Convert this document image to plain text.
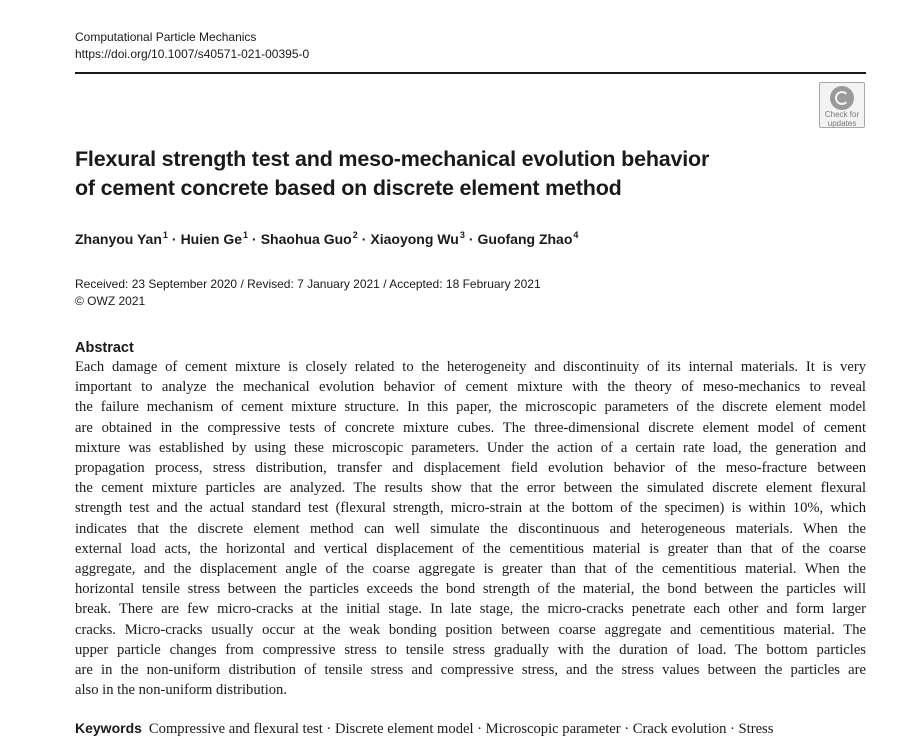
Computational Particle Mechanics
https://doi.org/10.1007/s40571-021-00395-0
Check for
updates
Flexural strength test and meso-mechanical evolution behavior
of cement concrete based on discrete element method
Zhanyou Yan$^1$ · Huien $Ge^1$ · Shaohua Guo$^2$ · Xiaoyong $Wu^3$ · Guofang Zhao$^4$
Received: 23 September 2020 / Revised: 7 January 2021 / Accepted: 18 February 2021
© OWZ 2021
Abstract
Each damage of cement mixture is closely related to the heterogeneity and discontinuity of its internal materials. It is very
important to analyze the mechanical evolution behavior of cement mixture with the theory of meso-mechanics to reveal
the failure mechanism of cement mixture structure. In this paper, the microscopic parameters of the discrete element model
are obtained in the compressive tests of concrete mixture cubes. The three-dimensional discrete element model of cement
mixture was established by using these microscopic parameters. Under the action of a certain rate load, the generation and
propagation process, stress distribution, transfer and displacement field evolution behavior of the meso-fracture between
the cement mixture particles are analyzed. The results show that the error between the simulated discrete element flexural
strength test and the actual standard test (flexural strength, micro-strain at the bottom of the specimen) is within 10%, which
indicates that the discrete element method can well simulate the discontinuous and heterogeneous materials. When the
external load acts, the horizontal and vertical displacement of the cementitious material is greater than that of the coarse
aggregate, and the displacement angle of the coarse aggregate is greater than that of the cementitious material. When the
horizontal tensile stress between the particles exceeds the bond strength of the material, the bond between the particles will
break. There are few micro-cracks at the initial stage. In late stage, the micro-cracks penetrate each other and form larger
cracks. Micro-cracks usually occur at the weak bonding position between coarse aggregate and cementitious material. The
upper particle changes from compressive stress to tensile stress gradually with the duration of load. The bottom particles
are in the non-uniform distribution of tensile stress and compressive stress, and the stress values between the particles are
also in the non-uniform distribution.
Keywords Compressive and flexural test · Discrete element model · Microscopic parameter · Crack evolution · Stress
